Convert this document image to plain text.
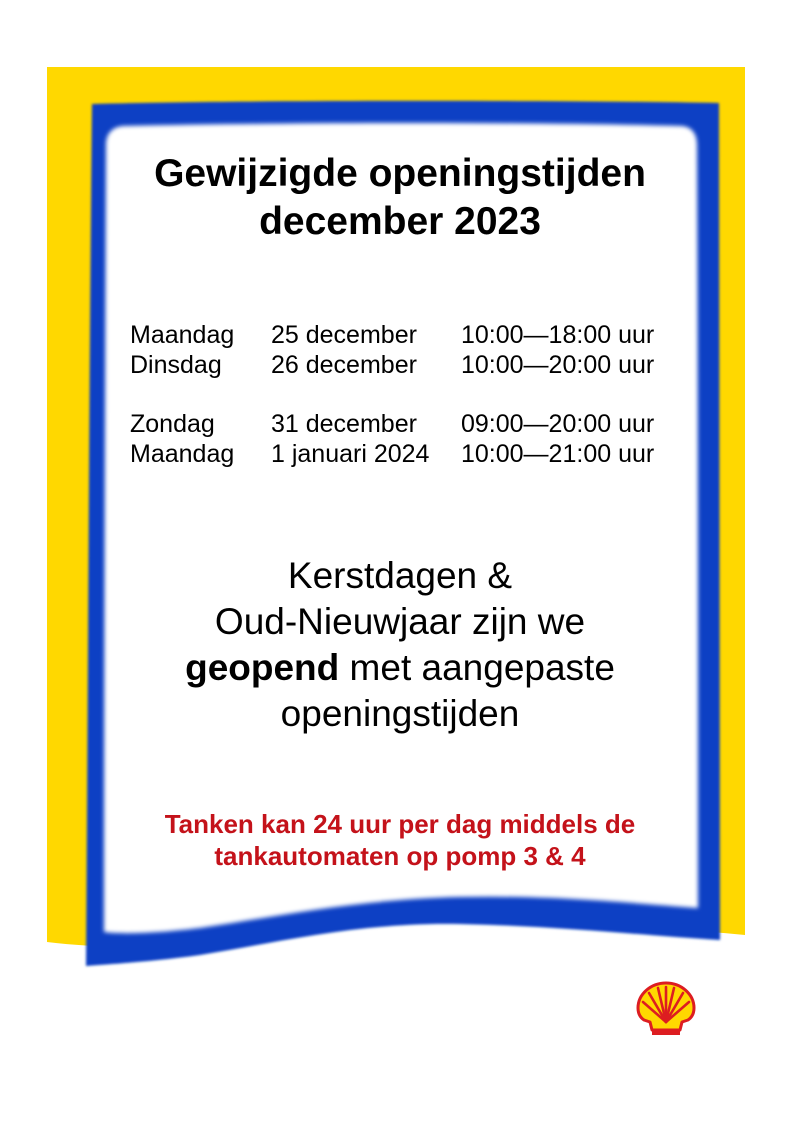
Gewijzigde openingstijden
december 2023
Maandag	25 december	10:00—18:00 uur
Dinsdag	26 december	10:00—20:00 uur
Zondag	31 december	09:00—20:00 uur
Maandag	1 januari 2024	10:00—21:00 uur
Kerstdagen &
Oud-Nieuwjaar zijn we
geopend met aangepaste
openingstijden
Tanken kan 24 uur per dag middels de
tankautomaten op pomp 3 & 4
